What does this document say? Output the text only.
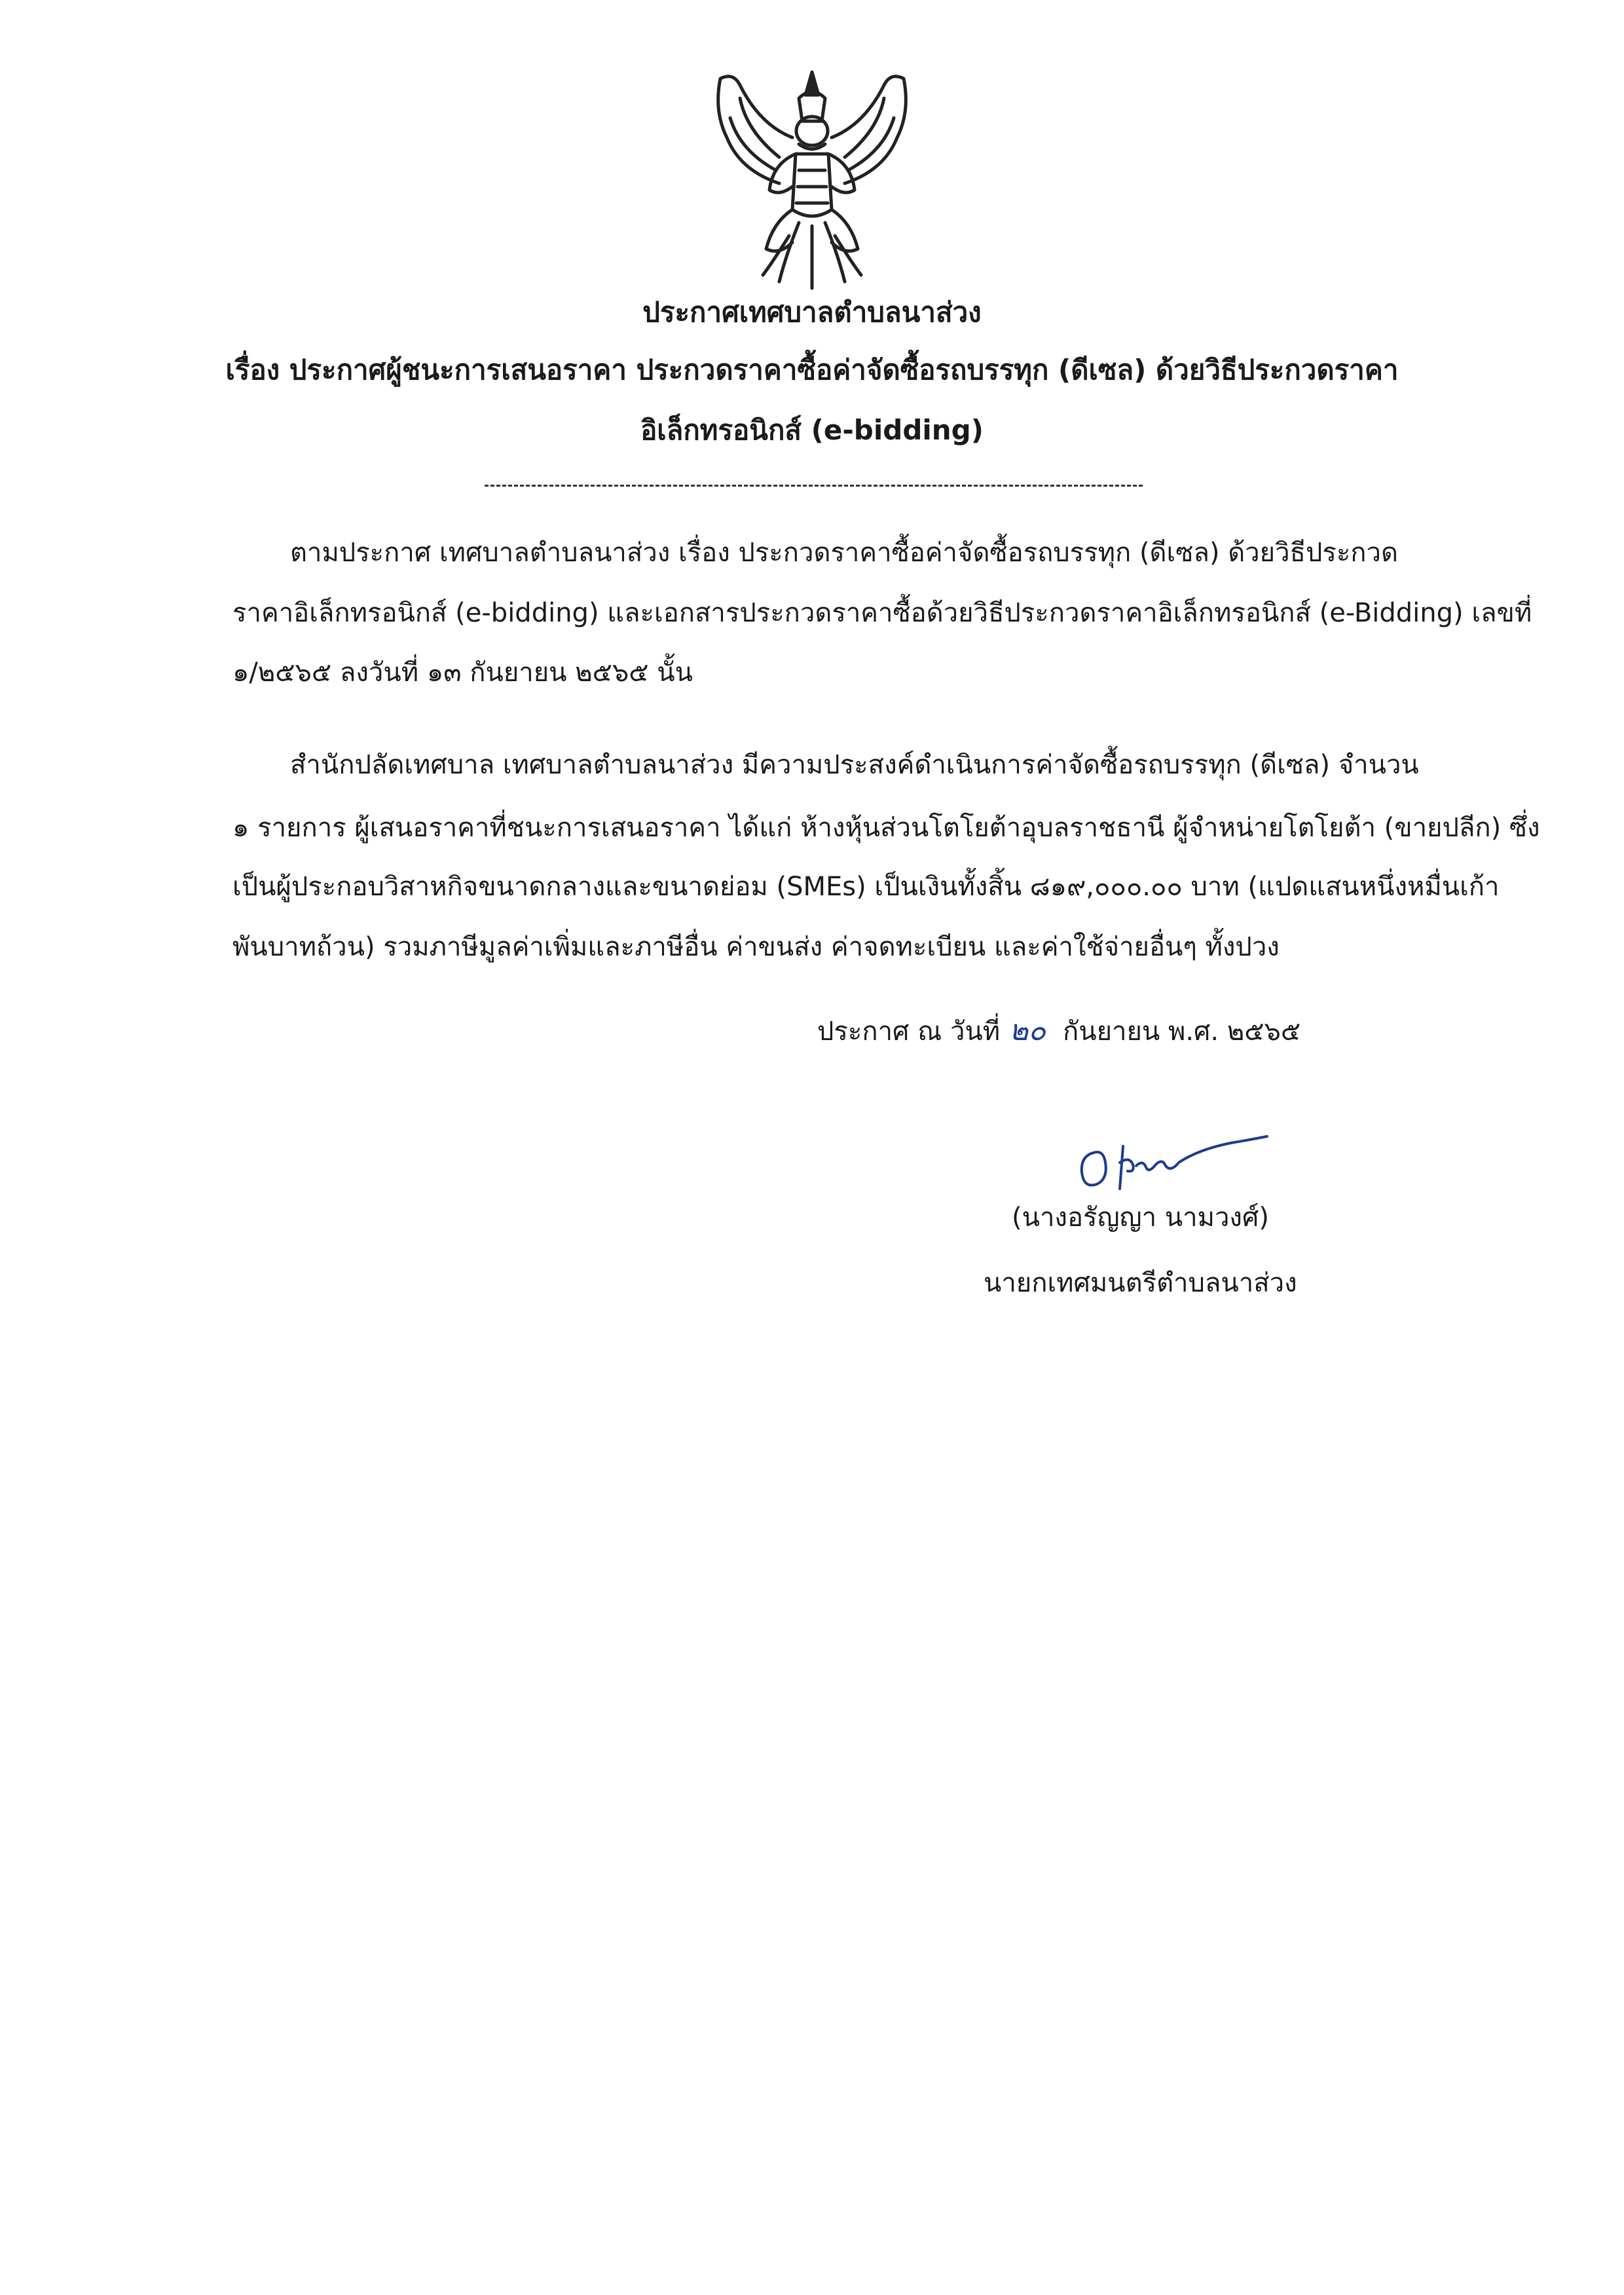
ประกาศเทศบาลตำบลนาส่วง
เรื่อง ประกาศผู้ชนะการเสนอราคา ประกวดราคาซื้อค่าจัดซื้อรถบรรทุก (ดีเซล) ด้วยวิธีประกวดราคา
อิเล็กทรอนิกส์ (e-bidding)
ตามประกาศ เทศบาลตำบลนาส่วง เรื่อง ประกวดราคาซื้อค่าจัดซื้อรถบรรทุก (ดีเซล) ด้วยวิธีประกวด
ราคาอิเล็กทรอนิกส์ (e-bidding) และเอกสารประกวดราคาซื้อด้วยวิธีประกวดราคาอิเล็กทรอนิกส์ (e-Bidding) เลขที่
๑/๒๕๖๕ ลงวันที่ ๑๓ กันยายน ๒๕๖๕ นั้น
สำนักปลัดเทศบาล เทศบาลตำบลนาส่วง มีความประสงค์ดำเนินการค่าจัดซื้อรถบรรทุก (ดีเซล) จำนวน
๑ รายการ ผู้เสนอราคาที่ชนะการเสนอราคา ได้แก่ ห้างหุ้นส่วนโตโยต้าอุบลราชธานี ผู้จำหน่ายโตโยต้า (ขายปลีก) ซึ่ง
เป็นผู้ประกอบวิสาหกิจขนาดกลางและขนาดย่อม (SMEs) เป็นเงินทั้งสิ้น ๘๑๙,๐๐๐.๐๐ บาท (แปดแสนหนึ่งหมื่นเก้า
พันบาทถ้วน) รวมภาษีมูลค่าเพิ่มและภาษีอื่น ค่าขนส่ง ค่าจดทะเบียน และค่าใช้จ่ายอื่นๆ ทั้งปวง
ประกาศ ณ วันที่ ๒๐ กันยายน พ.ศ. ๒๕๖๕
(นางอรัญญา นามวงศ์)
นายกเทศมนตรีตำบลนาส่วง
